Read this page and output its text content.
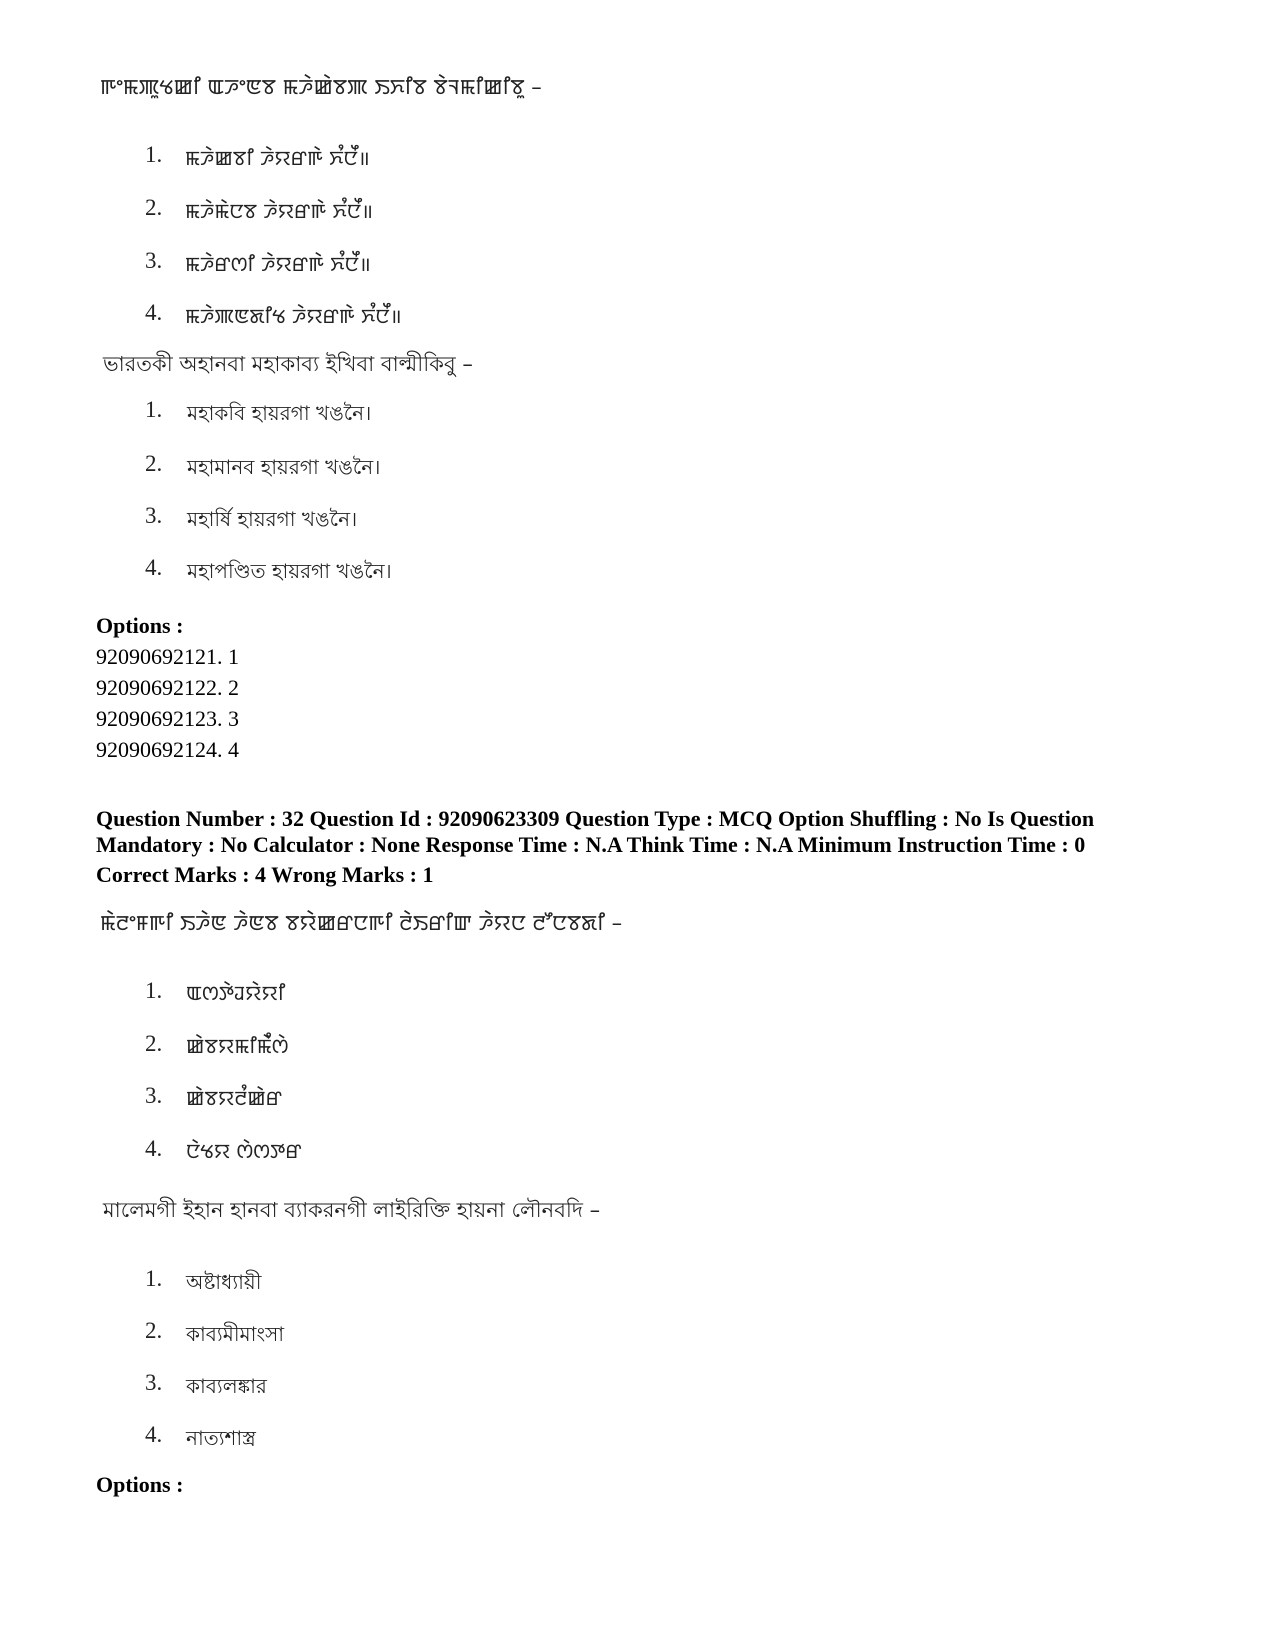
ꯒꯦꯃꯄꯨꯠꯀꯤ ꯑꯍꯦꯟꯕ ꯃꯍꯥꯀꯥꯕꯄ ꯏꯈꯤꯕ ꯕꯥꯜꯃꯤꯀꯤꯕꯨ –
1. ꯃꯍꯥꯀꯕꯤ ꯍꯥꯌꯔꯒꯥ ꯈꯪꯅꯩ॥
2. ꯃꯍꯥꯃꯥꯅꯕ ꯍꯥꯌꯔꯒꯥ ꯈꯪꯅꯩ॥
3. ꯃꯍꯥꯔꯁꯤ ꯍꯥꯌꯔꯒꯥ ꯈꯪꯅꯩ॥
4. ꯃꯍꯥꯄꯟꯗꯤꯠ ꯍꯥꯌꯔꯒꯥ ꯈꯪꯅꯩ॥
ভারতকী অহানবা মহাকাব্য ইখিবা বাল্মীকিবু –
1. মহাকবি হায়রগা খঙনৈ।
2. মহামানব হায়রগা খঙনৈ।
3. মহার্ষি হায়রগা খঙনৈ।
4. মহাপণ্ডিত হায়রগা খঙনৈ।
Options :
92090692121. 1
92090692122. 2
92090692123. 3
92090692124. 4
Question Number : 32 Question Id : 92090623309 Question Type : MCQ Option Shuffling : No Is Question
Mandatory : No Calculator : None Response Time : N.A Think Time : N.A Minimum Instruction Time : 0
Correct Marks : 4 Wrong Marks : 1
ꯃꯥꯂꯦꯝꯒꯤ ꯏꯍꯥꯟ ꯍꯥꯟꯕ ꯕꯌꯥꯀꯔꯅꯒꯤ ꯂꯥꯏꯔꯤꯛ ꯍꯥꯌꯅ ꯂꯧꯅꯕꯗꯤ –
1. ꯑꯁꯇꯥꯙꯌꯥꯌꯤ
2. ꯀꯥꯕꯌꯃꯤꯃꯥꯪꯁꯥ
3. ꯀꯥꯕꯌꯂꯪꯀꯥꯔ
4. ꯅꯥꯠꯌ ꯁꯥꯁꯇꯔ
মালেমগী ইহান হানবা ব্যাকরনগী লাইরিক্তি হায়না লৌনবদি –
1. অষ্টাধ্যায়ী
2. কাব্যমীমাংসা
3. কাব্যলঙ্কার
4. নাত্যশাস্ত্র
Options :
